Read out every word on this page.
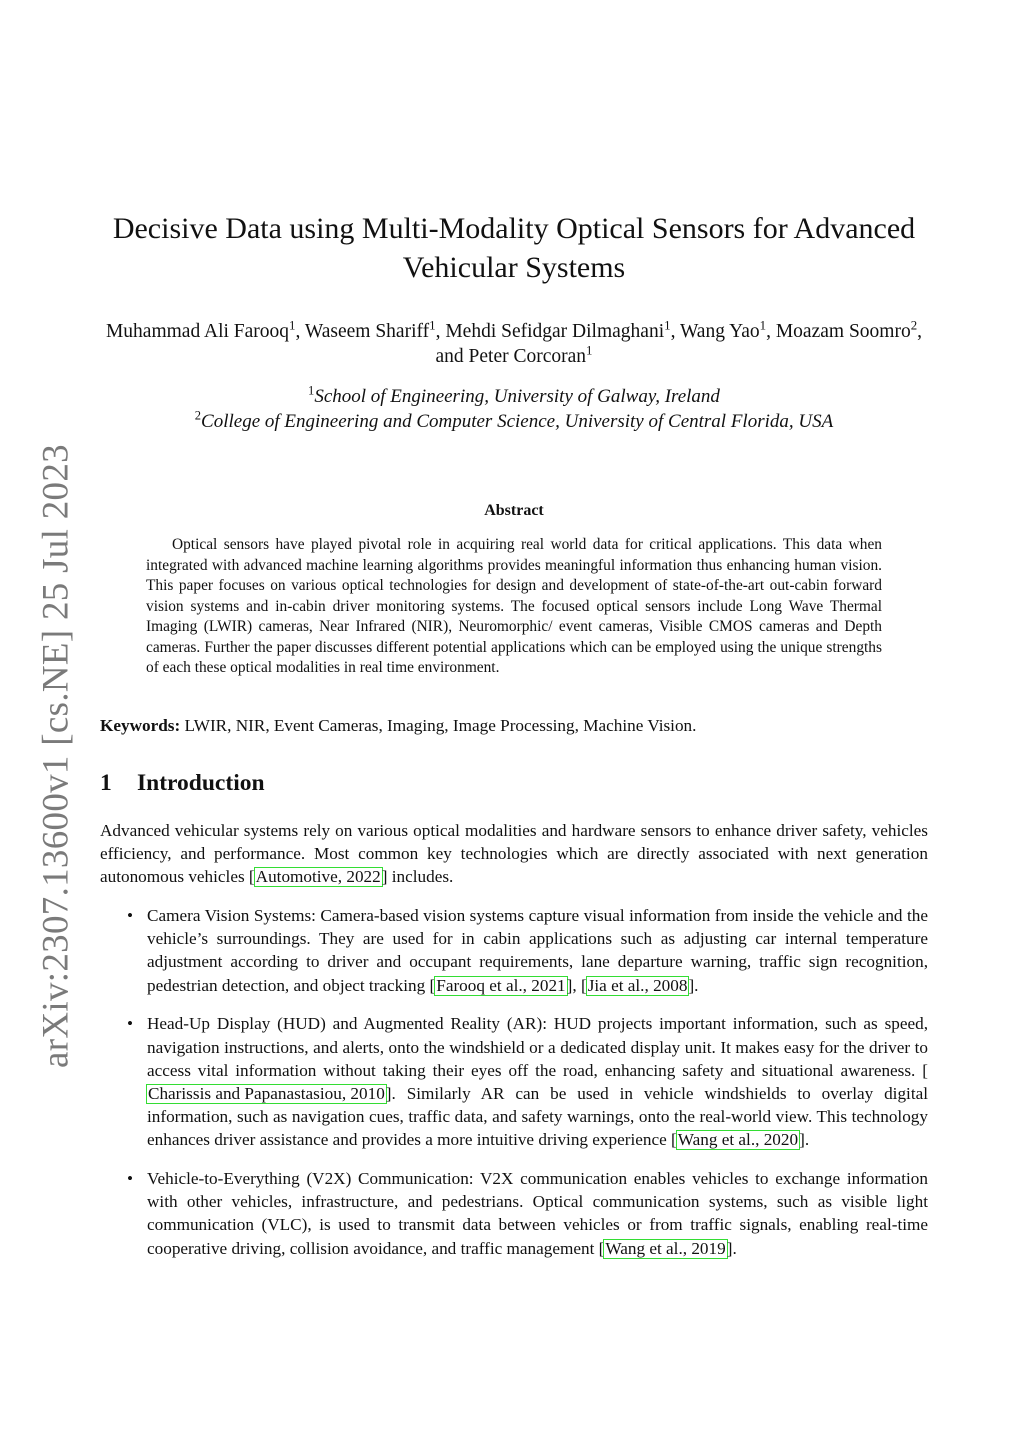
arXiv:2307.13600v1 [cs.NE] 25 Jul 2023
Decisive Data using Multi-Modality Optical Sensors for Advanced Vehicular Systems
Muhammad Ali Farooq$^1$, Waseem Shariff$^1$, Mehdi Sefidgar Dilmaghani$^1$, Wang Yao$^1$, Moazam Soomro$^2$, and Peter Corcoran$^1$
$^1$School of Engineering, University of Galway, Ireland
$^2$College of Engineering and Computer Science, University of Central Florida, USA
Abstract

Optical sensors have played pivotal role in acquiring real world data for critical applications. This data when integrated with advanced machine learning algorithms provides meaningful information thus enhancing human vision. This paper focuses on various optical technologies for design and development of state-of-the-art out-cabin forward vision systems and in-cabin driver monitoring systems. The focused optical sensors include Long Wave Thermal Imaging (LWIR) cameras, Near Infrared (NIR), Neuromorphic/ event cameras, Visible CMOS cameras and Depth cameras. Further the paper discusses different potential applications which can be employed using the unique strengths of each these optical modalities in real time environment.

Keywords: LWIR, NIR, Event Cameras, Imaging, Image Processing, Machine Vision.

1 Introduction

Advanced vehicular systems rely on various optical modalities and hardware sensors to enhance driver safety, vehicles efficiency, and performance. Most common key technologies which are directly associated with next generation autonomous vehicles [Automotive, 2022] includes.

• Camera Vision Systems: Camera-based vision systems capture visual information from inside the vehicle and the vehicle’s surroundings. They are used for in cabin applications such as adjusting car internal temperature adjustment according to driver and occupant requirements, lane departure warning, traffic sign recognition, pedestrian detection, and object tracking [Farooq et al., 2021], [Jia et al., 2008].
• Head-Up Display (HUD) and Augmented Reality (AR): HUD projects important information, such as speed, navigation instructions, and alerts, onto the windshield or a dedicated display unit. It makes easy for the driver to access vital information without taking their eyes off the road, enhancing safety and situational awareness. [Charissis and Papanastasiou, 2010]. Similarly AR can be used in vehicle windshields to overlay digital information, such as navigation cues, traffic data, and safety warnings, onto the real-world view. This technology enhances driver assistance and provides a more intuitive driving experience [Wang et al., 2020].
• Vehicle-to-Everything (V2X) Communication: V2X communication enables vehicles to exchange information with other vehicles, infrastructure, and pedestrians. Optical communication systems, such as visible light communication (VLC), is used to transmit data between vehicles or from traffic signals, enabling real-time cooperative driving, collision avoidance, and traffic management [Wang et al., 2019].
